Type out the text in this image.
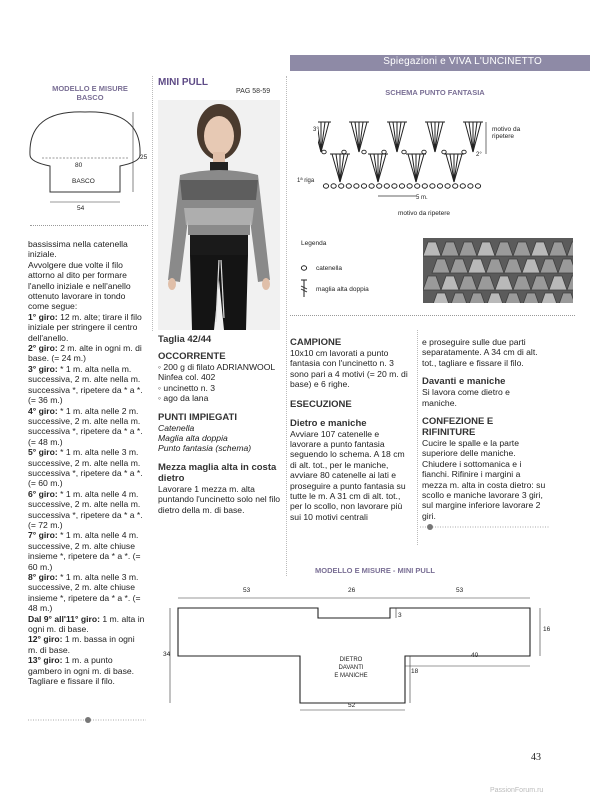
Spiegazioni e VIVA L'UNCINETTO
MODELLO E MISURE
BASCO
25
80
BASCO
54
bassissima nella catenella iniziale.
Avvolgere due volte il filo attorno al dito per formare l'anello iniziale e nell'anello ottenuto lavorare in tondo come segue:
1° giro: 12 m. alte; tirare il filo iniziale per stringere il centro dell'anello.
2° giro: 2 m. alte in ogni m. di base. (= 24 m.)
3° giro: * 1 m. alta nella m. successiva, 2 m. alte nella m. successiva *, ripetere da * a *. (= 36 m.)
4° giro: * 1 m. alta nelle 2 m. successive, 2 m. alte nella m. successiva *, ripetere da * a *. (= 48 m.)
5° giro: * 1 m. alta nelle 3 m. successive, 2 m. alte nella m. successiva *, ripetere da * a *. (= 60 m.)
6° giro: * 1 m. alta nelle 4 m. successive, 2 m. alte nella m. successiva *, ripetere da * a *. (= 72 m.)
7° giro: * 1 m. alta nelle 4 m. successive, 2 m. alte chiuse insieme *, ripetere da * a *. (= 60 m.)
8° giro: * 1 m. alta nelle 3 m. successive, 2 m. alte chiuse insieme *, ripetere da * a *. (= 48 m.)
Dal 9° all'11° giro: 1 m. alta in ogni m. di base.
12° giro: 1 m. bassa in ogni m. di base.
13° giro: 1 m. a punto gambero in ogni m. di base. Tagliare e fissare il filo.
MINI PULL
PAG 58-59
Taglia 42/44
OCCORRENTE
◦ 200 g di filato ADRIANWOOL Ninfea col. 402
◦ uncinetto n. 3
◦ ago da lana
PUNTI IMPIEGATI
Catenella
Maglia alta doppia
Punto fantasia (schema)
Mezza maglia alta in costa dietro
Lavorare 1 mezza m. alta puntando l'uncinetto solo nel filo dietro della m. di base.
SCHEMA PUNTO FANTASIA
3°
2°
1ª riga
motivo da ripetere
5 m.
motivo da ripetere
Legenda
catenella
maglia alta doppia
CAMPIONE
10x10 cm lavorati a punto fantasia con l'uncinetto n. 3 sono pari a 4 motivi (= 20 m. di base) e 6 righe.
ESECUZIONE
Dietro e maniche
Avviare 107 catenelle e lavorare a punto fantasia seguendo lo schema. A 18 cm di alt. tot., per le maniche, avviare 80 catenelle ai lati e proseguire a punto fantasia su tutte le m. A 31 cm di alt. tot., per lo scollo, non lavorare più sui 10 motivi centrali
e proseguire sulle due parti separatamente. A 34 cm di alt. tot., tagliare e fissare il filo.
Davanti e maniche
Si lavora come dietro e maniche.
CONFEZIONE E RIFINITURE
Cucire le spalle e la parte superiore delle maniche. Chiudere i sottomanica e i fianchi. Rifinire i margini a mezza m. alta in costa dietro: su scollo e maniche lavorare 3 giri, sul margine inferiore lavorare 2 giri.
MODELLO E MISURE - MINI PULL
53	26	53
3
16
34	40
18
52
DIETRO
DAVANTI
E MANICHE
43
PassionForum.ru
